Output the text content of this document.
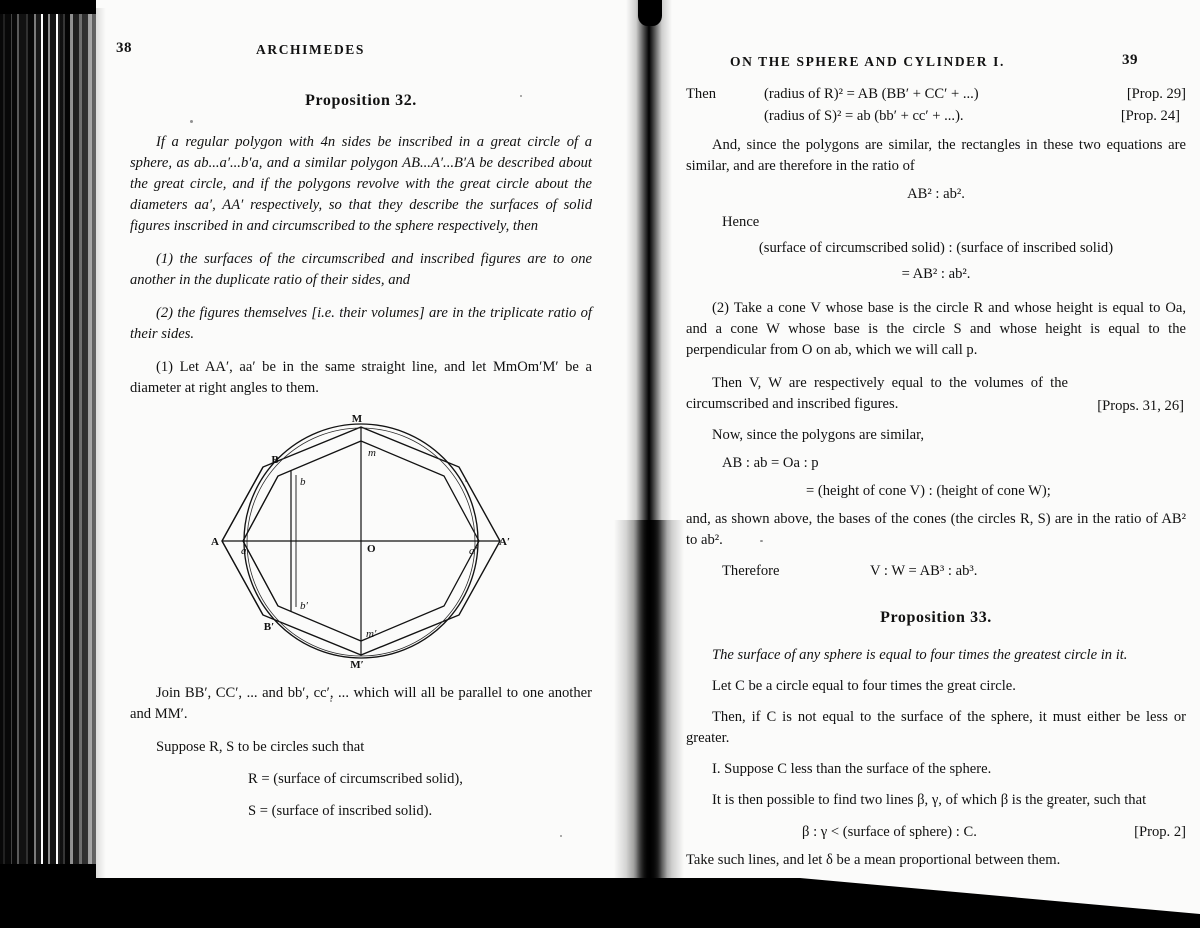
38	ARCHIMEDES
Proposition 32.

If a regular polygon with 4n sides be inscribed in a great circle of a sphere, as ab...a′...b′a, and a similar polygon AB...A′...B′A be described about the great circle, and if the polygons revolve with the great circle about the diameters aa′, AA′ respectively, so that they describe the surfaces of solid figures inscribed in and circumscribed to the sphere respectively, then

(1) the surfaces of the circumscribed and inscribed figures are to one another in the duplicate ratio of their sides, and

(2) the figures themselves [i.e. their volumes] are in the triplicate ratio of their sides.

(1) Let AA′, aa′ be in the same straight line, and let MmOm′M′ be a diameter at right angles to them.

M
m
B
b
A
a	O	a′
A′
b′
B′
m′
M′

Join BB′, CC′, ... and bb′, cc′, ... which will all be parallel to one another and MM′.

Suppose R, S to be circles such that

R = (surface of circumscribed solid),

S = (surface of inscribed solid).

ON THE SPHERE AND CYLINDER I.	39
Then	(radius of R)² = AB (BB′ + CC′ + ...)	[Prop. 29]
(radius of S)² = ab (bb′ + cc′ + ...).	[Prop. 24]

And, since the polygons are similar, the rectangles in these two equations are similar, and are therefore in the ratio of

AB² : ab².

Hence

(surface of circumscribed solid) : (surface of inscribed solid)

= AB² : ab².

(2) Take a cone V whose base is the circle R and whose height is equal to Oa, and a cone W whose base is the circle S and whose height is equal to the perpendicular from O on ab, which we will call p.

Then V, W are respectively equal to the volumes of the circumscribed and inscribed figures.	[Props. 31, 26]

Now, since the polygons are similar,

AB : ab = Oa : p

= (height of cone V) : (height of cone W);

and, as shown above, the bases of the cones (the circles R, S) are in the ratio of AB² to ab².

Therefore	V : W = AB³ : ab³.
Proposition 33.

The surface of any sphere is equal to four times the greatest circle in it.

Let C be a circle equal to four times the great circle.

Then, if C is not equal to the surface of the sphere, it must either be less or greater.

I. Suppose C less than the surface of the sphere.

It is then possible to find two lines β, γ, of which β is the greater, such that

β : γ < (surface of sphere) : C.	[Prop. 2]

Take such lines, and let δ be a mean proportional between them.
